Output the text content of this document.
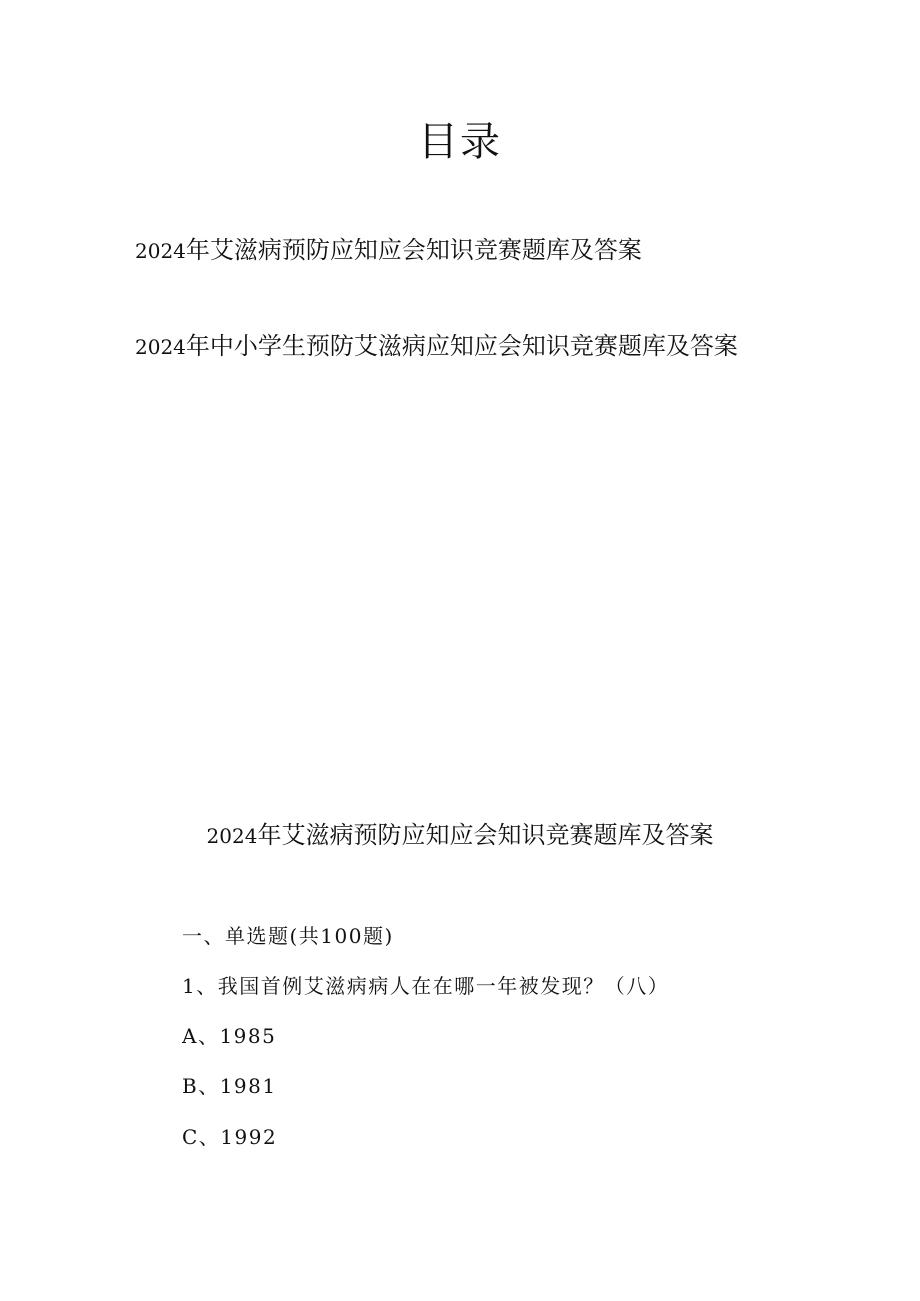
目录
2024年艾滋病预防应知应会知识竞赛题库及答案
2024年中小学生预防艾滋病应知应会知识竞赛题库及答案
2024年艾滋病预防应知应会知识竞赛题库及答案
一、单选题(共100题)
1、我国首例艾滋病病人在在哪一年被发现？（八）
A、1985
B、1981
C、1992
